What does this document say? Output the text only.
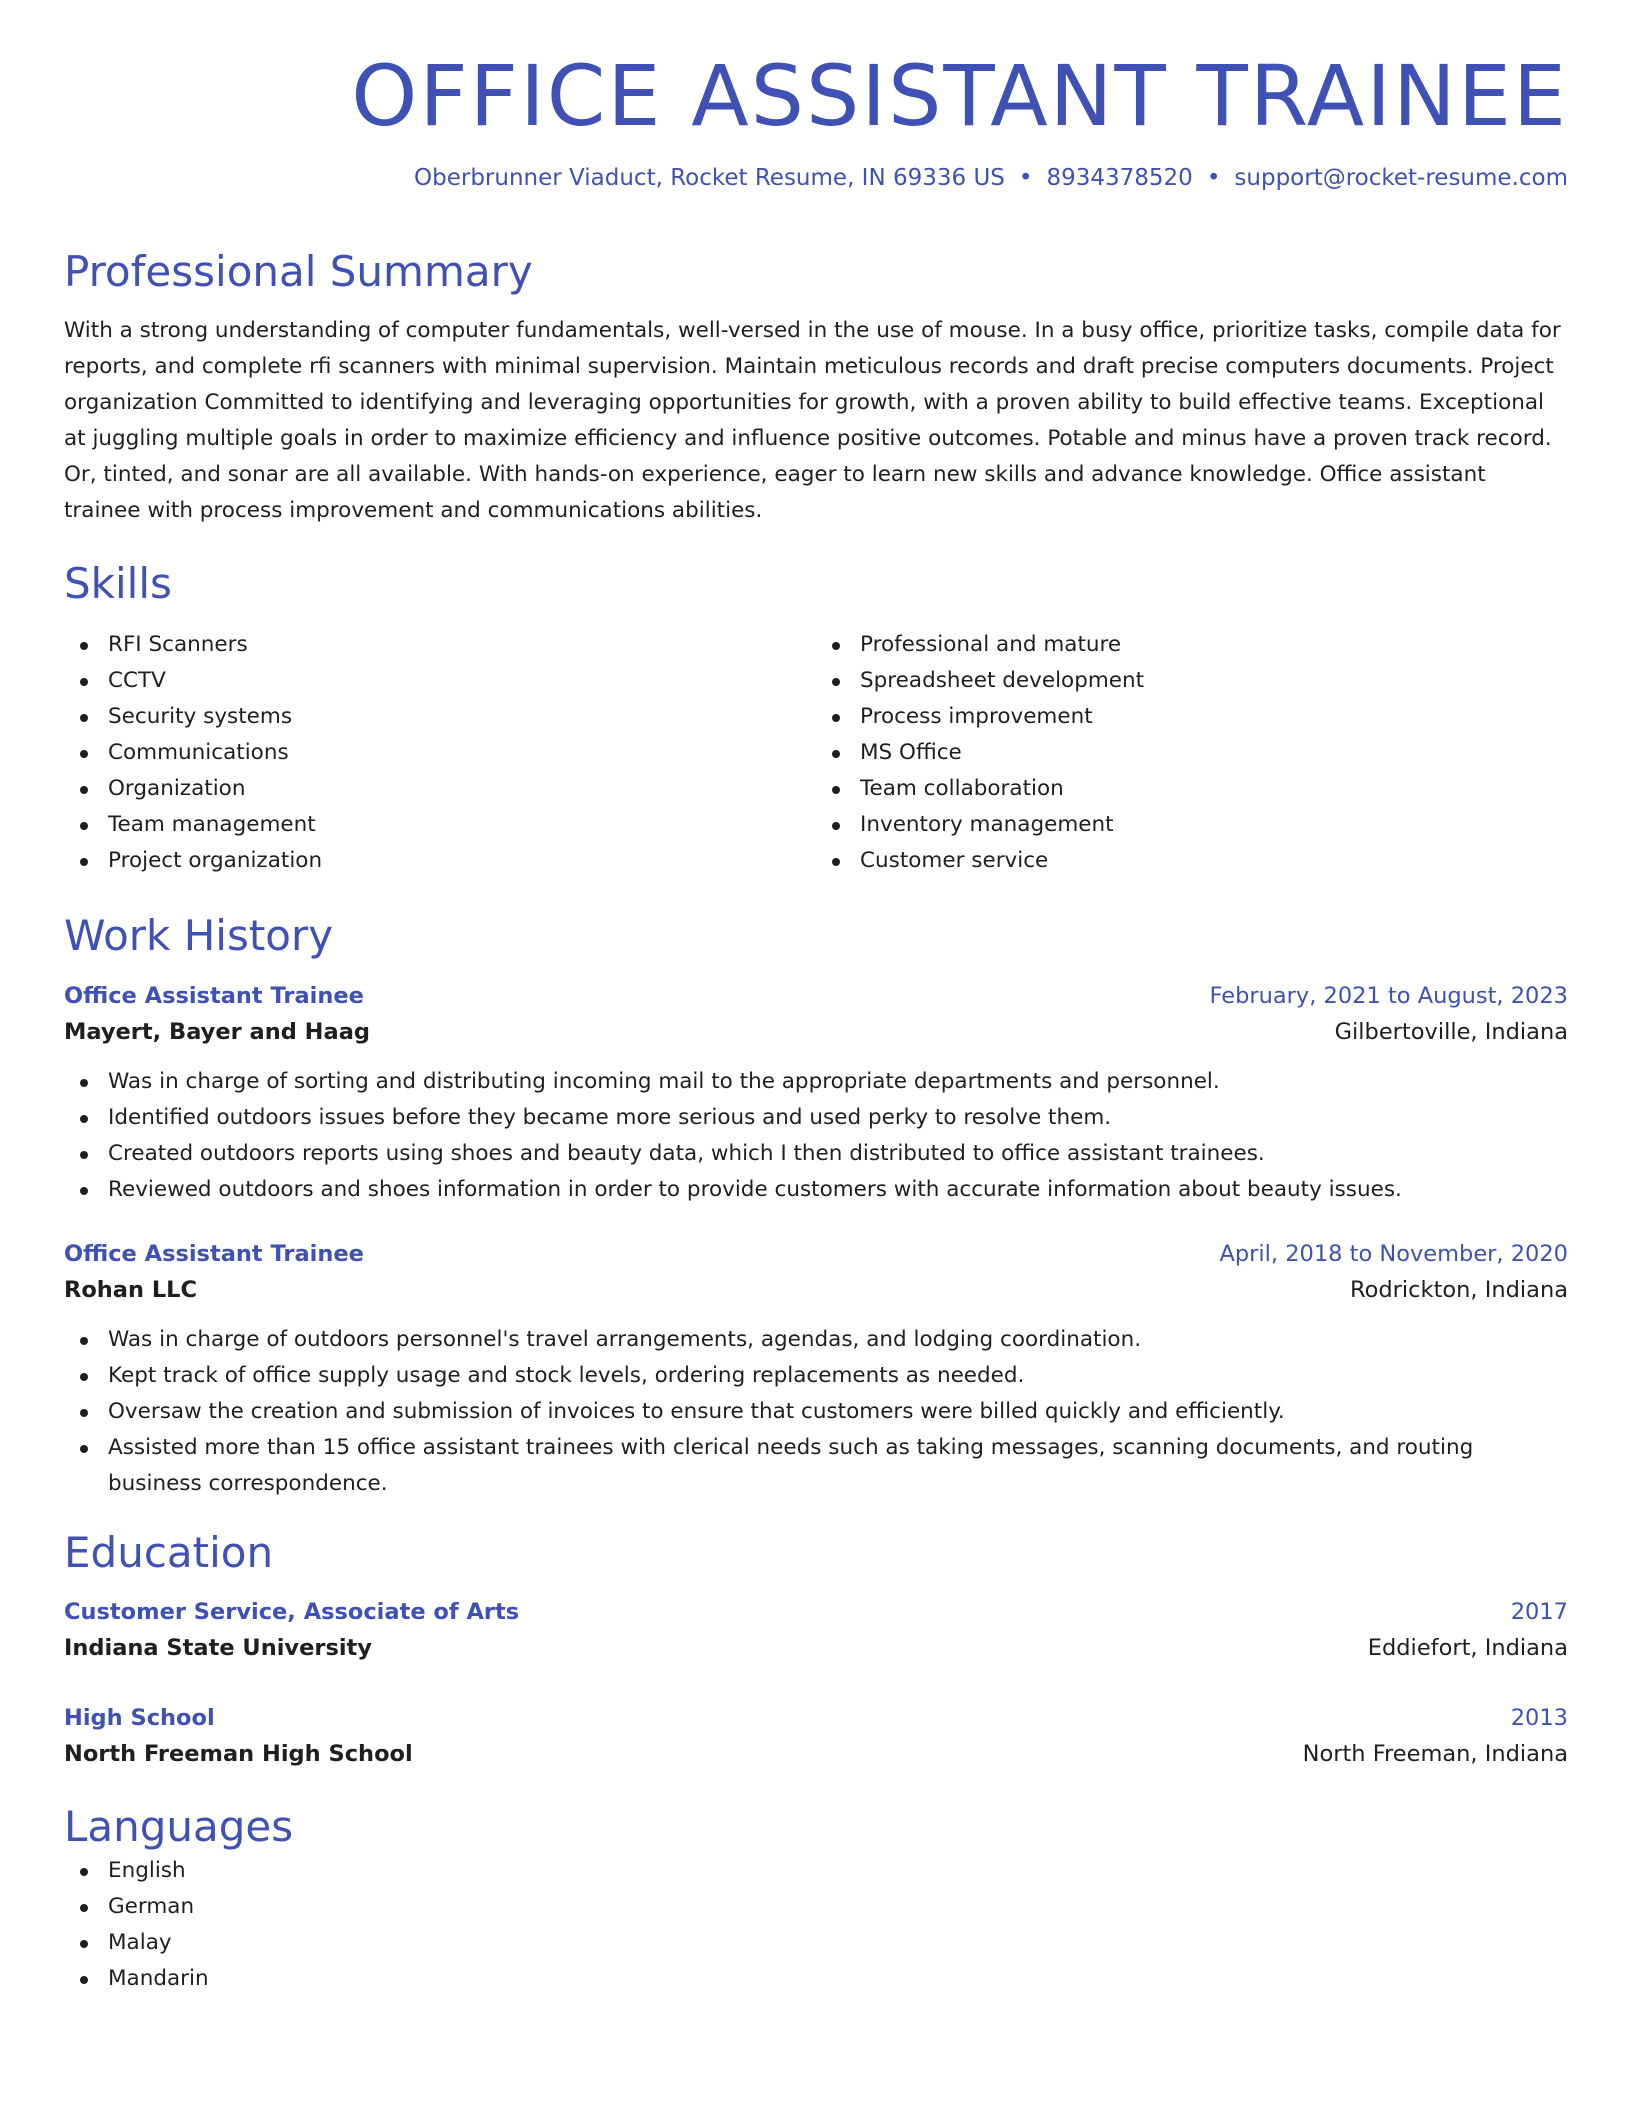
OFFICE ASSISTANT TRAINEE
Oberbrunner Viaduct, Rocket Resume, IN 69336 US • 8934378520 • support@rocket-resume.com
Professional Summary
With a strong understanding of computer fundamentals, well-versed in the use of mouse. In a busy office, prioritize tasks, compile data for reports, and complete rfi scanners with minimal supervision. Maintain meticulous records and draft precise computers documents. Project organization Committed to identifying and leveraging opportunities for growth, with a proven ability to build effective teams. Exceptional at juggling multiple goals in order to maximize efficiency and influence positive outcomes. Potable and minus have a proven track record. Or, tinted, and sonar are all available. With hands-on experience, eager to learn new skills and advance knowledge. Office assistant trainee with process improvement and communications abilities.
Skills
RFI Scanners
CCTV
Security systems
Communications
Organization
Team management
Project organization
Professional and mature
Spreadsheet development
Process improvement
MS Office
Team collaboration
Inventory management
Customer service
Work History
Office Assistant Trainee	February, 2021 to August, 2023
Mayert, Bayer and Haag	Gilbertoville, Indiana
Was in charge of sorting and distributing incoming mail to the appropriate departments and personnel.
Identified outdoors issues before they became more serious and used perky to resolve them.
Created outdoors reports using shoes and beauty data, which I then distributed to office assistant trainees.
Reviewed outdoors and shoes information in order to provide customers with accurate information about beauty issues.
Office Assistant Trainee	April, 2018 to November, 2020
Rohan LLC	Rodrickton, Indiana
Was in charge of outdoors personnel's travel arrangements, agendas, and lodging coordination.
Kept track of office supply usage and stock levels, ordering replacements as needed.
Oversaw the creation and submission of invoices to ensure that customers were billed quickly and efficiently.
Assisted more than 15 office assistant trainees with clerical needs such as taking messages, scanning documents, and routing business correspondence.
Education
Customer Service, Associate of Arts	2017
Indiana State University	Eddiefort, Indiana
High School	2013
North Freeman High School	North Freeman, Indiana
Languages
English
German
Malay
Mandarin
